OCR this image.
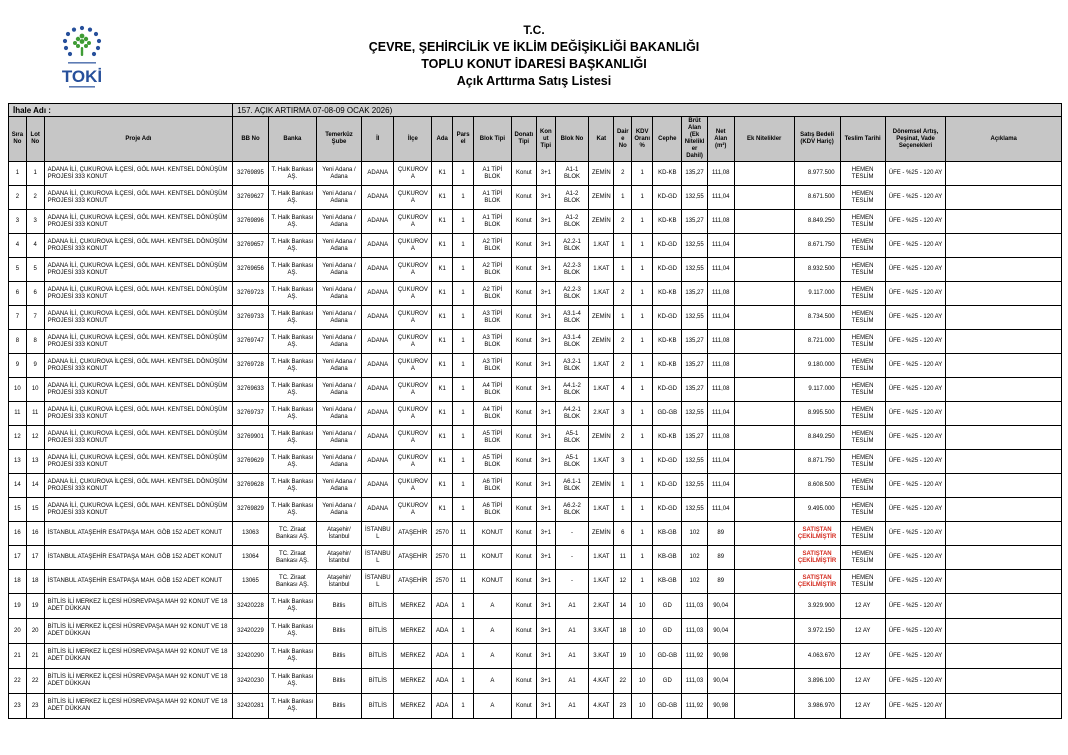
TOKİ
T.C.
ÇEVRE, ŞEHİRCİLİK VE İKLİM DEĞİŞİKLİĞİ BAKANLIĞI
TOPLU KONUT İDARESİ BAŞKANLIĞI
Açık Arttırma Satış Listesi
İhale Adı :			157. AÇIK ARTIRMA 07-08-09 OCAK 2026)																					
Sıra No	Lot No	Proje Adı	BB No	Banka	Temerküz Şube	İl	İlçe	Ada	Parsel	Blok Tipi	Donatı Tipi	Konut Tipi	Blok No	Kat	Daire No	KDV Oranı %	Cephe	Brüt Alan (Ek Nitelikler Dahil)	Net Alan (m²)	Ek Nitelikler	Satış Bedeli (KDV Hariç)	Teslim Tarihi	Dönemsel Artış, Peşinat, Vade Seçenekleri	Açıklama
1	1	ADANA İLİ, ÇUKUROVA İLÇESİ, GÖL MAH. KENTSEL DÖNÜŞÜM PROJESİ 333 KONUT	32769895	T. Halk Bankası AŞ.	Yeni Adana / Adana	ADANA	ÇUKUROVA	K1	1	A1 TİPİ BLOK	Konut	3+1	A1-1 BLOK	ZEMİN	2	1	KD-KB	135,27	111,08		8.977.500	HEMEN TESLİM	ÜFE - %25 - 120 AY	
2	2	ADANA İLİ, ÇUKUROVA İLÇESİ, GÖL MAH. KENTSEL DÖNÜŞÜM PROJESİ 333 KONUT	32769627	T. Halk Bankası AŞ.	Yeni Adana / Adana	ADANA	ÇUKUROVA	K1	1	A1 TİPİ BLOK	Konut	3+1	A1-2 BLOK	ZEMİN	1	1	KD-GD	132,55	111,04		8.671.500	HEMEN TESLİM	ÜFE - %25 - 120 AY	
3	3	ADANA İLİ, ÇUKUROVA İLÇESİ, GÖL MAH. KENTSEL DÖNÜŞÜM PROJESİ 333 KONUT	32769896	T. Halk Bankası AŞ.	Yeni Adana / Adana	ADANA	ÇUKUROVA	K1	1	A1 TİPİ BLOK	Konut	3+1	A1-2 BLOK	ZEMİN	2	1	KD-KB	135,27	111,08		8.849.250	HEMEN TESLİM	ÜFE - %25 - 120 AY	
4	4	ADANA İLİ, ÇUKUROVA İLÇESİ, GÖL MAH. KENTSEL DÖNÜŞÜM PROJESİ 333 KONUT	32769657	T. Halk Bankası AŞ.	Yeni Adana / Adana	ADANA	ÇUKUROVA	K1	1	A2 TİPİ BLOK	Konut	3+1	A2.2-1 BLOK	1.KAT	1	1	KD-GD	132,55	111,04		8.671.750	HEMEN TESLİM	ÜFE - %25 - 120 AY	
5	5	ADANA İLİ, ÇUKUROVA İLÇESİ, GÖL MAH. KENTSEL DÖNÜŞÜM PROJESİ 333 KONUT	32769656	T. Halk Bankası AŞ.	Yeni Adana / Adana	ADANA	ÇUKUROVA	K1	1	A2 TİPİ BLOK	Konut	3+1	A2.2-3 BLOK	1.KAT	1	1	KD-GD	132,55	111,04		8.932.500	HEMEN TESLİM	ÜFE - %25 - 120 AY	
6	6	ADANA İLİ, ÇUKUROVA İLÇESİ, GÖL MAH. KENTSEL DÖNÜŞÜM PROJESİ 333 KONUT	32769723	T. Halk Bankası AŞ.	Yeni Adana / Adana	ADANA	ÇUKUROVA	K1	1	A2 TİPİ BLOK	Konut	3+1	A2.2-3 BLOK	1.KAT	2	1	KD-KB	135,27	111,08		9.117.000	HEMEN TESLİM	ÜFE - %25 - 120 AY	
7	7	ADANA İLİ, ÇUKUROVA İLÇESİ, GÖL MAH. KENTSEL DÖNÜŞÜM PROJESİ 333 KONUT	32769733	T. Halk Bankası AŞ.	Yeni Adana / Adana	ADANA	ÇUKUROVA	K1	1	A3 TİPİ BLOK	Konut	3+1	A3.1-4 BLOK	ZEMİN	1	1	KD-GD	132,55	111,04		8.734.500	HEMEN TESLİM	ÜFE - %25 - 120 AY	
8	8	ADANA İLİ, ÇUKUROVA İLÇESİ, GÖL MAH. KENTSEL DÖNÜŞÜM PROJESİ 333 KONUT	32769747	T. Halk Bankası AŞ.	Yeni Adana / Adana	ADANA	ÇUKUROVA	K1	1	A3 TİPİ BLOK	Konut	3+1	A3.1-4 BLOK	ZEMİN	2	1	KD-KB	135,27	111,08		8.721.000	HEMEN TESLİM	ÜFE - %25 - 120 AY	
9	9	ADANA İLİ, ÇUKUROVA İLÇESİ, GÖL MAH. KENTSEL DÖNÜŞÜM PROJESİ 333 KONUT	32769728	T. Halk Bankası AŞ.	Yeni Adana / Adana	ADANA	ÇUKUROVA	K1	1	A3 TİPİ BLOK	Konut	3+1	A3.2-1 BLOK	1.KAT	2	1	KD-KB	135,27	111,08		9.180.000	HEMEN TESLİM	ÜFE - %25 - 120 AY	
10	10	ADANA İLİ, ÇUKUROVA İLÇESİ, GÖL MAH. KENTSEL DÖNÜŞÜM PROJESİ 333 KONUT	32769633	T. Halk Bankası AŞ.	Yeni Adana / Adana	ADANA	ÇUKUROVA	K1	1	A4 TİPİ BLOK	Konut	3+1	A4.1-2 BLOK	1.KAT	4	1	KD-GD	135,27	111,08		9.117.000	HEMEN TESLİM	ÜFE - %25 - 120 AY	
11	11	ADANA İLİ, ÇUKUROVA İLÇESİ, GÖL MAH. KENTSEL DÖNÜŞÜM PROJESİ 333 KONUT	32769737	T. Halk Bankası AŞ.	Yeni Adana / Adana	ADANA	ÇUKUROVA	K1	1	A4 TİPİ BLOK	Konut	3+1	A4.2-1 BLOK	2.KAT	3	1	GD-GB	132,55	111,04		8.995.500	HEMEN TESLİM	ÜFE - %25 - 120 AY	
12	12	ADANA İLİ, ÇUKUROVA İLÇESİ, GÖL MAH. KENTSEL DÖNÜŞÜM PROJESİ 333 KONUT	32769901	T. Halk Bankası AŞ.	Yeni Adana / Adana	ADANA	ÇUKUROVA	K1	1	A5 TİPİ BLOK	Konut	3+1	A5-1 BLOK	ZEMİN	2	1	KD-KB	135,27	111,08		8.849.250	HEMEN TESLİM	ÜFE - %25 - 120 AY	
13	13	ADANA İLİ, ÇUKUROVA İLÇESİ, GÖL MAH. KENTSEL DÖNÜŞÜM PROJESİ 333 KONUT	32769629	T. Halk Bankası AŞ.	Yeni Adana / Adana	ADANA	ÇUKUROVA	K1	1	A5 TİPİ BLOK	Konut	3+1	A5-1 BLOK	1.KAT	3	1	KD-GD	132,55	111,04		8.871.750	HEMEN TESLİM	ÜFE - %25 - 120 AY	
14	14	ADANA İLİ, ÇUKUROVA İLÇESİ, GÖL MAH. KENTSEL DÖNÜŞÜM PROJESİ 333 KONUT	32769628	T. Halk Bankası AŞ.	Yeni Adana / Adana	ADANA	ÇUKUROVA	K1	1	A6 TİPİ BLOK	Konut	3+1	A6.1-1 BLOK	ZEMİN	1	1	KD-GD	132,55	111,04		8.608.500	HEMEN TESLİM	ÜFE - %25 - 120 AY	
15	15	ADANA İLİ, ÇUKUROVA İLÇESİ, GÖL MAH. KENTSEL DÖNÜŞÜM PROJESİ 333 KONUT	32769829	T. Halk Bankası AŞ.	Yeni Adana / Adana	ADANA	ÇUKUROVA	K1	1	A6 TİPİ BLOK	Konut	3+1	A6.2-2 BLOK	1.KAT	1	1	KD-GD	132,55	111,04		9.495.000	HEMEN TESLİM	ÜFE - %25 - 120 AY	
16	16	İSTANBUL ATAŞEHİR ESATPAŞA MAH. GÖB 152 ADET KONUT	13063	TC. Ziraat Bankası AŞ.	Ataşehir/İstanbul	İSTANBUL	ATAŞEHİR	2570	11	KONUT	Konut	3+1	-	ZEMİN	6	1	KB-GB	102	89		SATIŞTAN ÇEKİLMİŞTİR	HEMEN TESLİM	ÜFE - %25 - 120 AY	
17	17	İSTANBUL ATAŞEHİR ESATPAŞA MAH. GÖB 152 ADET KONUT	13064	TC. Ziraat Bankası AŞ.	Ataşehir/İstanbul	İSTANBUL	ATAŞEHİR	2570	11	KONUT	Konut	3+1	-	1.KAT	11	1	KB-GB	102	89		SATIŞTAN ÇEKİLMİŞTİR	HEMEN TESLİM	ÜFE - %25 - 120 AY	
18	18	İSTANBUL ATAŞEHİR ESATPAŞA MAH. GÖB 152 ADET KONUT	13065	TC. Ziraat Bankası AŞ.	Ataşehir/İstanbul	İSTANBUL	ATAŞEHİR	2570	11	KONUT	Konut	3+1	-	1.KAT	12	1	KB-GB	102	89		SATIŞTAN ÇEKİLMİŞTİR	HEMEN TESLİM	ÜFE - %25 - 120 AY	
19	19	BİTLİS İLİ MERKEZ İLÇESİ HÜSREVPAŞA MAH 92 KONUT VE 18 ADET DÜKKAN	32420228	T. Halk Bankası AŞ.	Bitlis	BİTLİS	MERKEZ	ADA	1	A	Konut	3+1	A1	2.KAT	14	10	GD	111,03	90,04		3.929.900	12 AY	ÜFE - %25 - 120 AY	
20	20	BİTLİS İLİ MERKEZ İLÇESİ HÜSREVPAŞA MAH 92 KONUT VE 18 ADET DÜKKAN	32420229	T. Halk Bankası AŞ.	Bitlis	BİTLİS	MERKEZ	ADA	1	A	Konut	3+1	A1	3.KAT	18	10	GD	111,03	90,04		3.972.150	12 AY	ÜFE - %25 - 120 AY	
21	21	BİTLİS İLİ MERKEZ İLÇESİ HÜSREVPAŞA MAH 92 KONUT VE 18 ADET DÜKKAN	32420290	T. Halk Bankası AŞ.	Bitlis	BİTLİS	MERKEZ	ADA	1	A	Konut	3+1	A1	3.KAT	19	10	GD-GB	111,92	90,98		4.063.670	12 AY	ÜFE - %25 - 120 AY	
22	22	BİTLİS İLİ MERKEZ İLÇESİ HÜSREVPAŞA MAH 92 KONUT VE 18 ADET DÜKKAN	32420230	T. Halk Bankası AŞ.	Bitlis	BİTLİS	MERKEZ	ADA	1	A	Konut	3+1	A1	4.KAT	22	10	GD	111,03	90,04		3.896.100	12 AY	ÜFE - %25 - 120 AY	
23	23	BİTLİS İLİ MERKEZ İLÇESİ HÜSREVPAŞA MAH 92 KONUT VE 18 ADET DÜKKAN	32420281	T. Halk Bankası AŞ.	Bitlis	BİTLİS	MERKEZ	ADA	1	A	Konut	3+1	A1	4.KAT	23	10	GD-GB	111,92	90,98		3.986.970	12 AY	ÜFE - %25 - 120 AY	
